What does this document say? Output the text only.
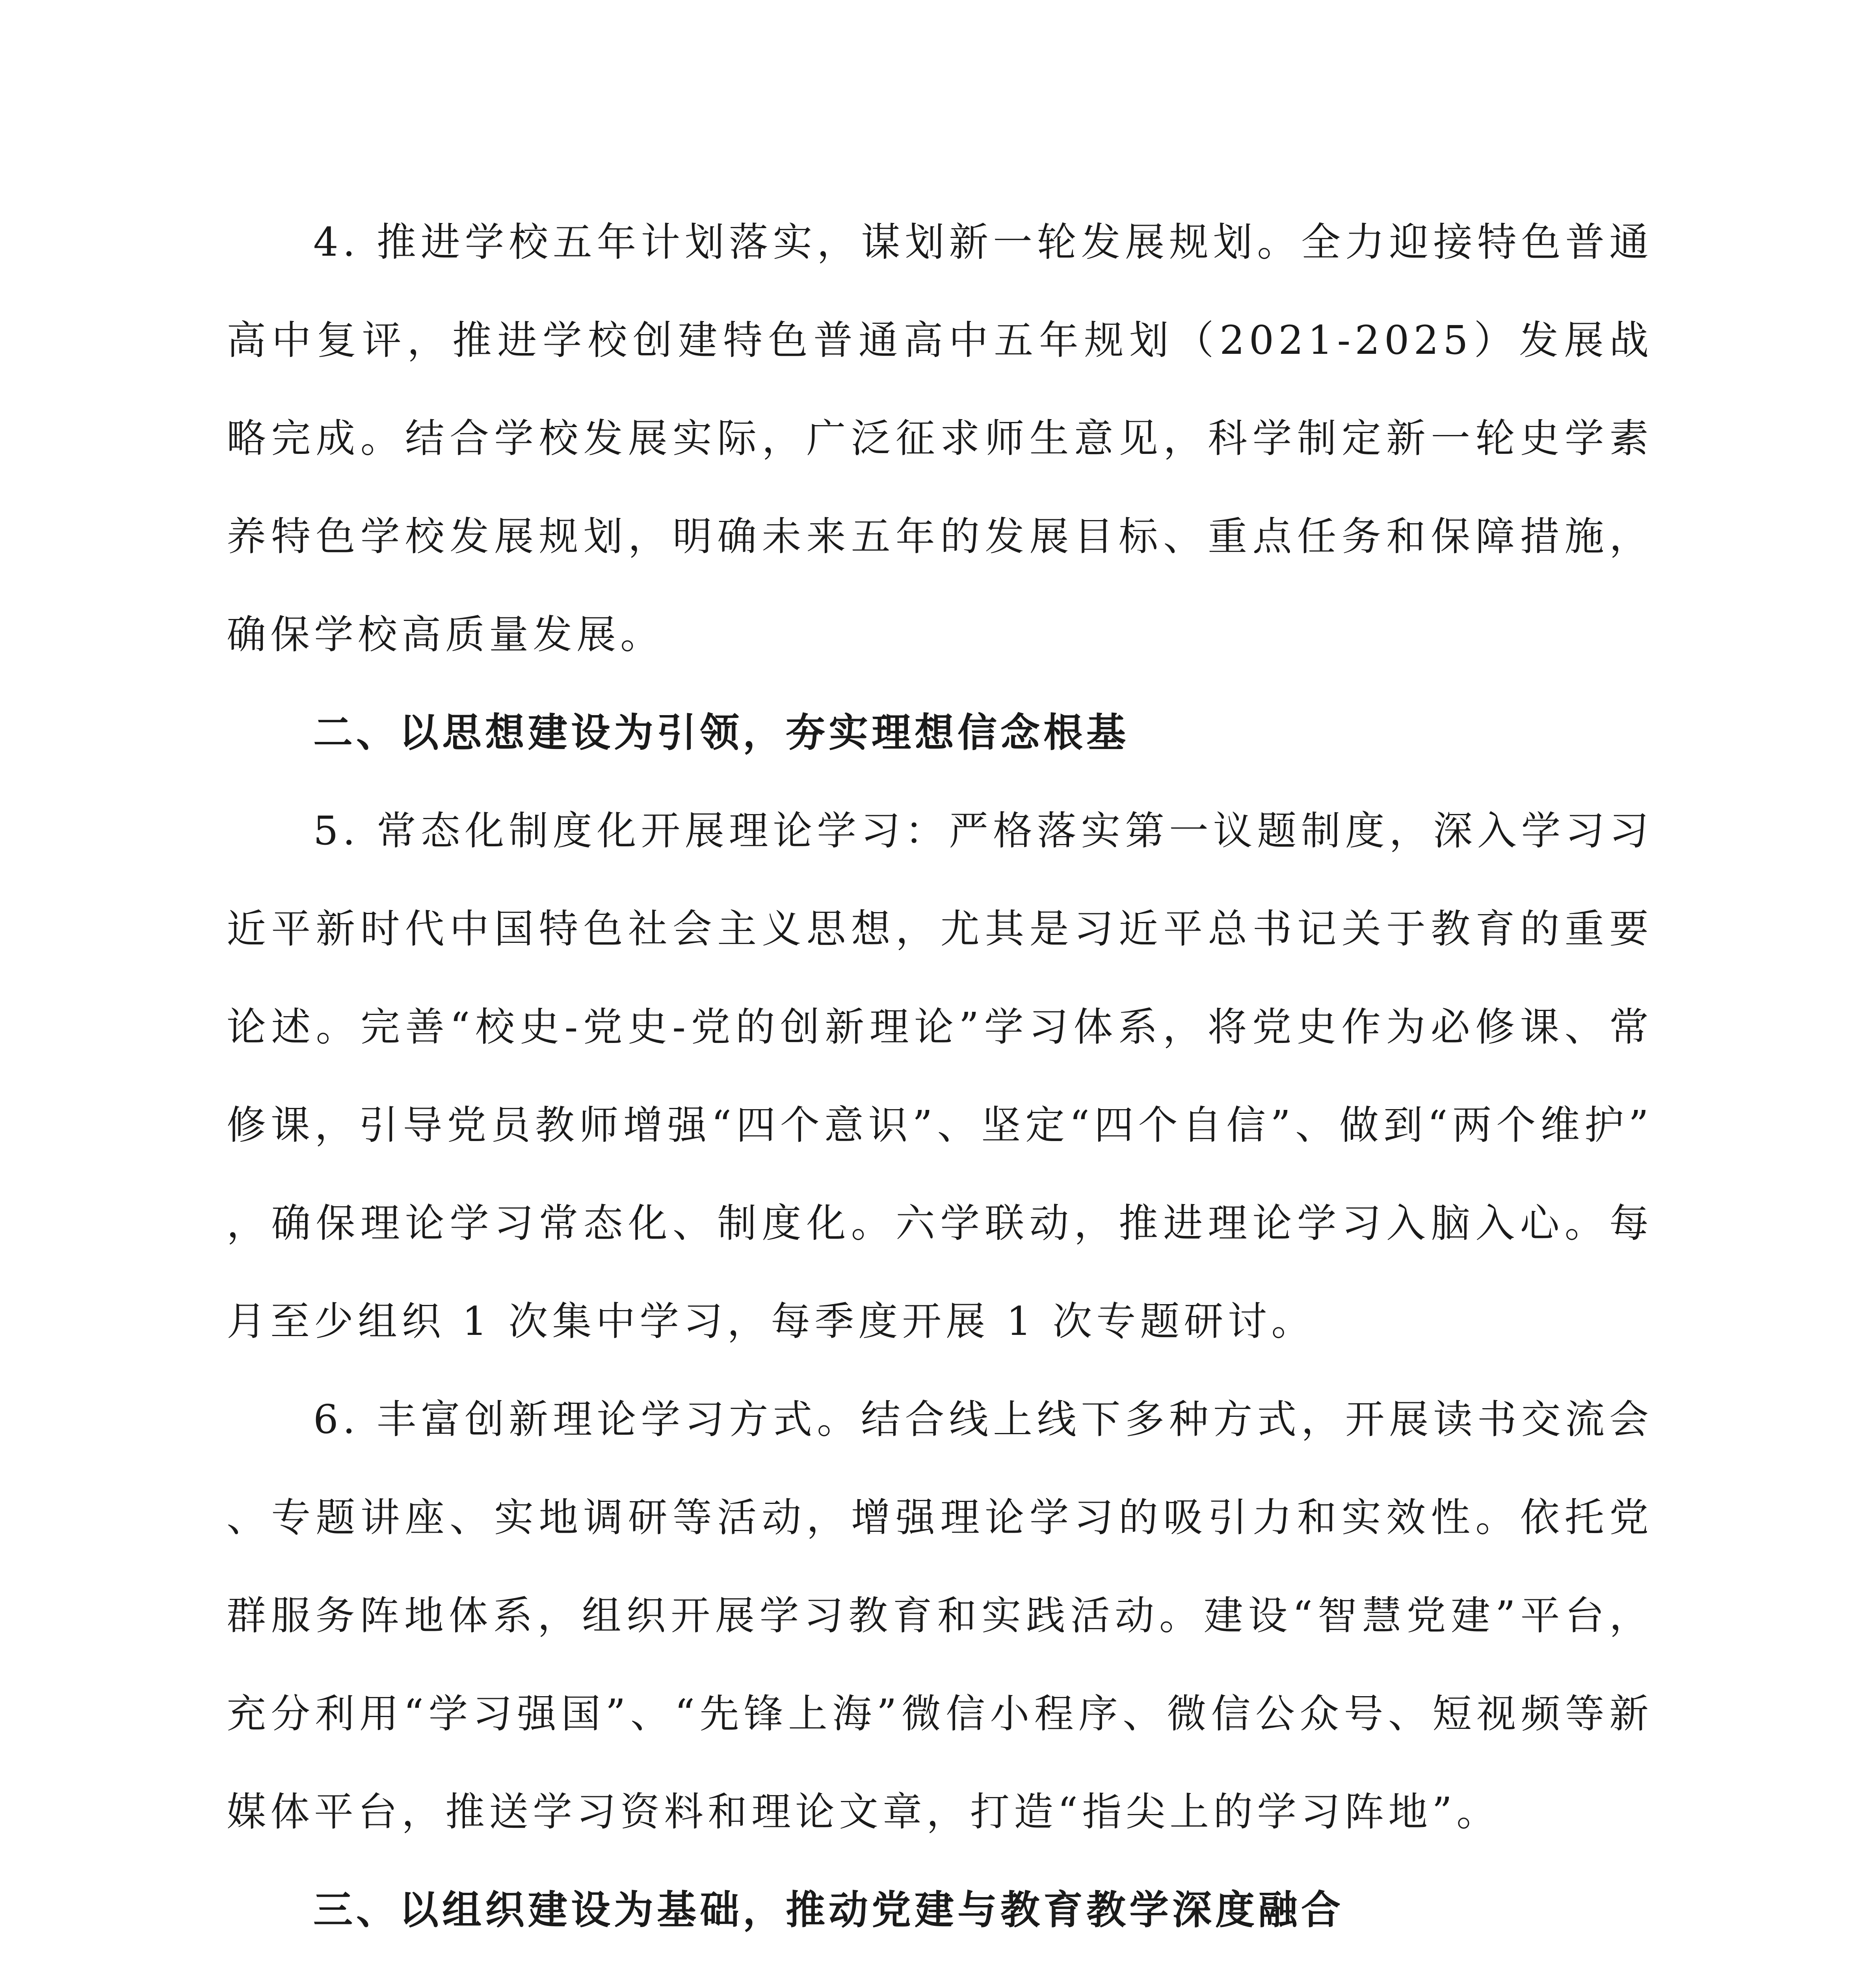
4. 推进学校五年计划落实，谋划新一轮发展规划。全力迎接特色普通高中复评，推进学校创建特色普通高中五年规划（2021-2025）发展战略完成。结合学校发展实际，广泛征求师生意见，科学制定新一轮史学素养特色学校发展规划，明确未来五年的发展目标、重点任务和保障措施，确保学校高质量发展。

二、以思想建设为引领，夯实理想信念根基

5. 常态化制度化开展理论学习：严格落实第一议题制度，深入学习习近平新时代中国特色社会主义思想，尤其是习近平总书记关于教育的重要论述。完善“校史-党史-党的创新理论”学习体系，将党史作为必修课、常修课，引导党员教师增强“四个意识”、坚定“四个自信”、做到“两个维护”，确保理论学习常态化、制度化。六学联动，推进理论学习入脑入心。每月至少组织 1 次集中学习，每季度开展 1 次专题研讨。

6. 丰富创新理论学习方式。结合线上线下多种方式，开展读书交流会、专题讲座、实地调研等活动，增强理论学习的吸引力和实效性。依托党群服务阵地体系，组织开展学习教育和实践活动。建设“智慧党建”平台，充分利用“学习强国”、“先锋上海”微信小程序、微信公众号、短视频等新媒体平台，推送学习资料和理论文章，打造“指尖上的学习阵地”。

三、以组织建设为基础，推动党建与教育教学深度融合
